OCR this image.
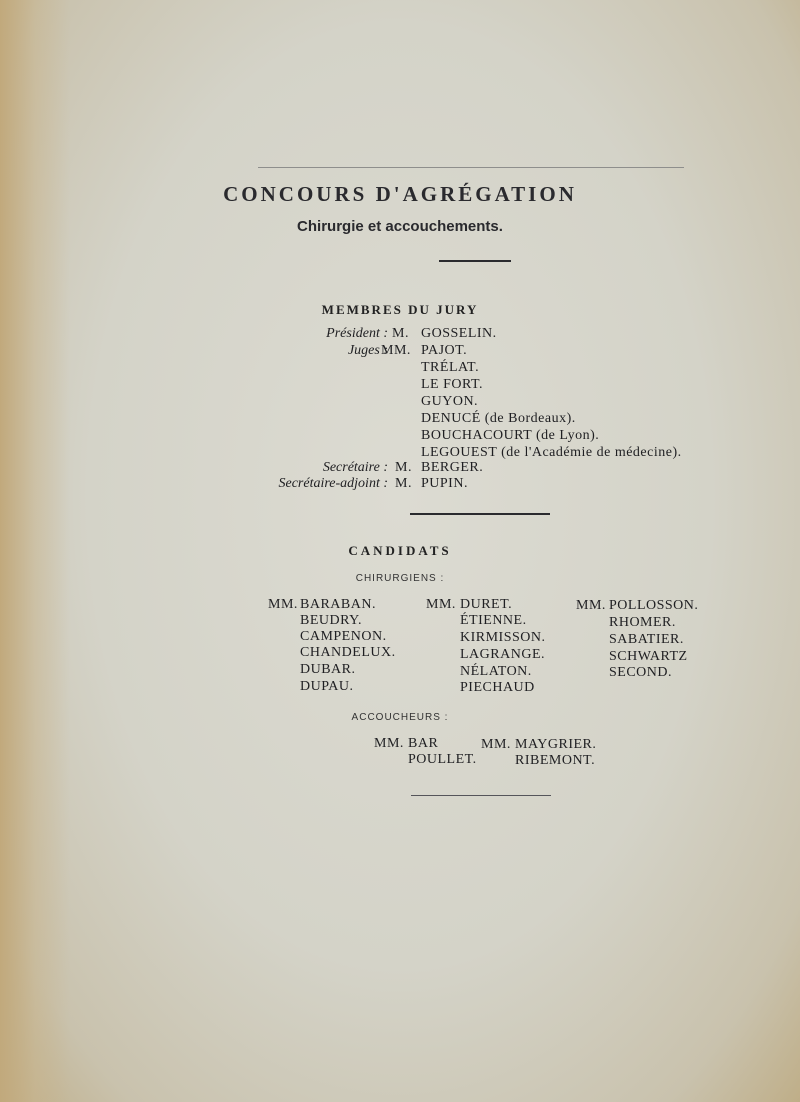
CONCOURS D'AGRÉGATION
Chirurgie et accouchements.
MEMBRES DU JURY
Président : M. GOSSELIN.
Juges :
MM. PAJOT.
TRÉLAT.
LE FORT.
GUYON.
DENUCÉ (de Bordeaux).
BOUCHACOURT (de Lyon).
LEGOUEST (de l'Académie de médecine).
Secrétaire : M. BERGER.
Secrétaire-adjoint : M. PUPIN.
CANDIDATS
CHIRURGIENS :
MM. BARABAN.
BEUDRY.
CAMPENON.
CHANDELUX.
DUBAR.
DUPAU.
MM. DURET.
ÉTIENNE.
KIRMISSON.
LAGRANGE.
NÉLATON.
PIECHAUD
MM. POLLOSSON.
RHOMER.
SABATIER.
SCHWARTZ
SECOND.
ACCOUCHEURS :
MM. BAR
POULLET.
MM. MAYGRIER.
RIBEMONT.
